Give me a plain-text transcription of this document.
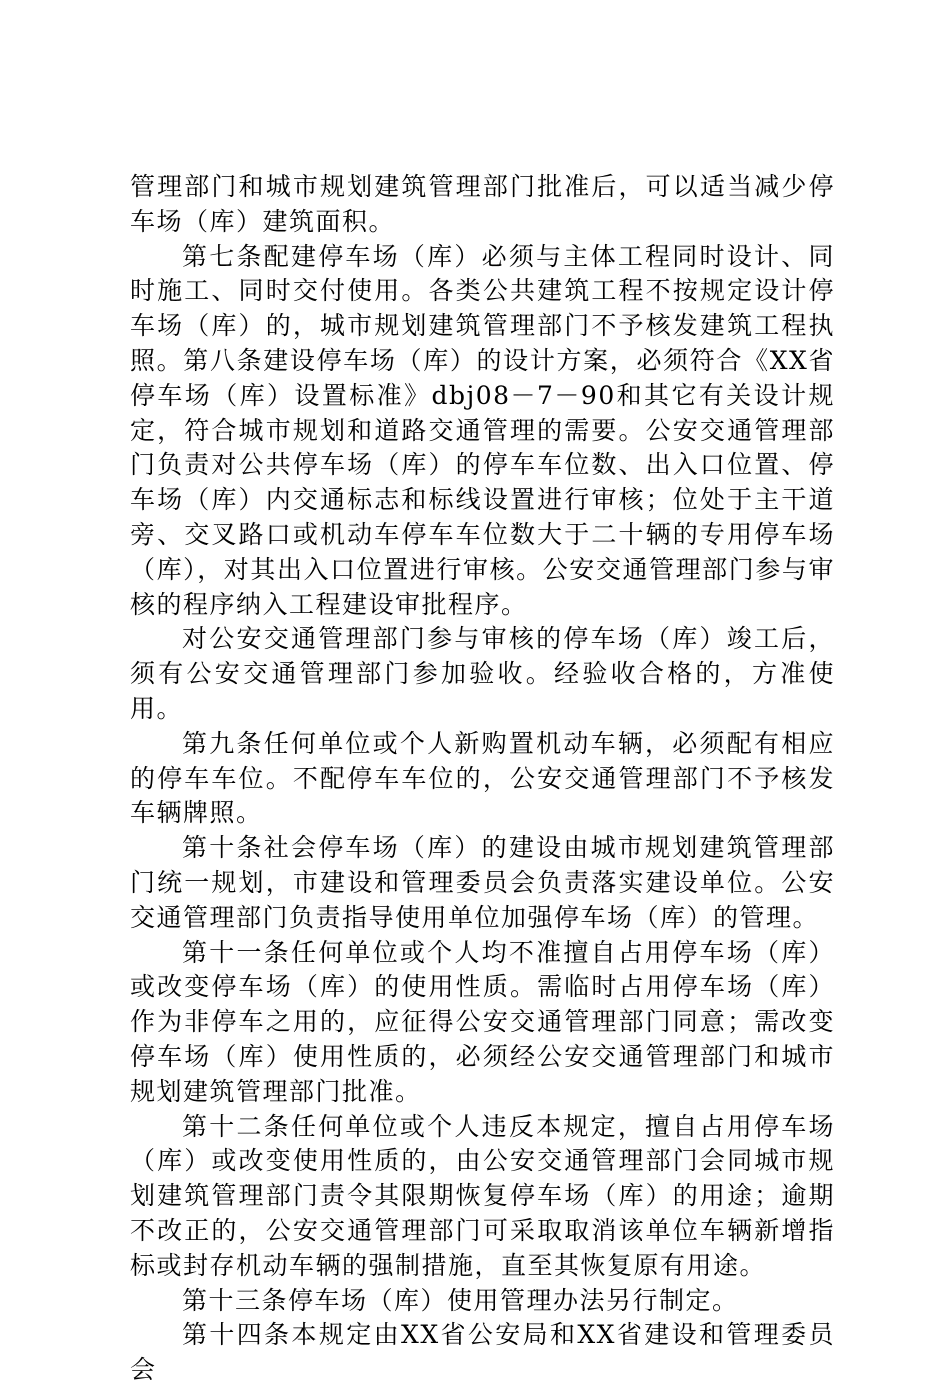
管理部门和城市规划建筑管理部门批准后，可以适当减少停车场（库）建筑面积。

第七条配建停车场（库）必须与主体工程同时设计、同时施工、同时交付使用。各类公共建筑工程不按规定设计停车场（库）的，城市规划建筑管理部门不予核发建筑工程执照。第八条建设停车场（库）的设计方案，必须符合《XX省停车场（库）设置标准》dbj08－7－90和其它有关设计规定，符合城市规划和道路交通管理的需要。公安交通管理部门负责对公共停车场（库）的停车车位数、出入口位置、停车场（库）内交通标志和标线设置进行审核；位处于主干道旁、交叉路口或机动车停车车位数大于二十辆的专用停车场（库），对其出入口位置进行审核。公安交通管理部门参与审核的程序纳入工程建设审批程序。

对公安交通管理部门参与审核的停车场（库）竣工后，须有公安交通管理部门参加验收。经验收合格的，方准使用。

第九条任何单位或个人新购置机动车辆，必须配有相应的停车车位。不配停车车位的，公安交通管理部门不予核发车辆牌照。

第十条社会停车场（库）的建设由城市规划建筑管理部门统一规划，市建设和管理委员会负责落实建设单位。公安交通管理部门负责指导使用单位加强停车场（库）的管理。

第十一条任何单位或个人均不准擅自占用停车场（库）或改变停车场（库）的使用性质。需临时占用停车场（库）作为非停车之用的，应征得公安交通管理部门同意；需改变停车场（库）使用性质的，必须经公安交通管理部门和城市规划建筑管理部门批准。

第十二条任何单位或个人违反本规定，擅自占用停车场（库）或改变使用性质的，由公安交通管理部门会同城市规划建筑管理部门责令其限期恢复停车场（库）的用途；逾期不改正的，公安交通管理部门可采取取消该单位车辆新增指标或封存机动车辆的强制措施，直至其恢复原有用途。

第十三条停车场（库）使用管理办法另行制定。

第十四条本规定由XX省公安局和XX省建设和管理委员会
